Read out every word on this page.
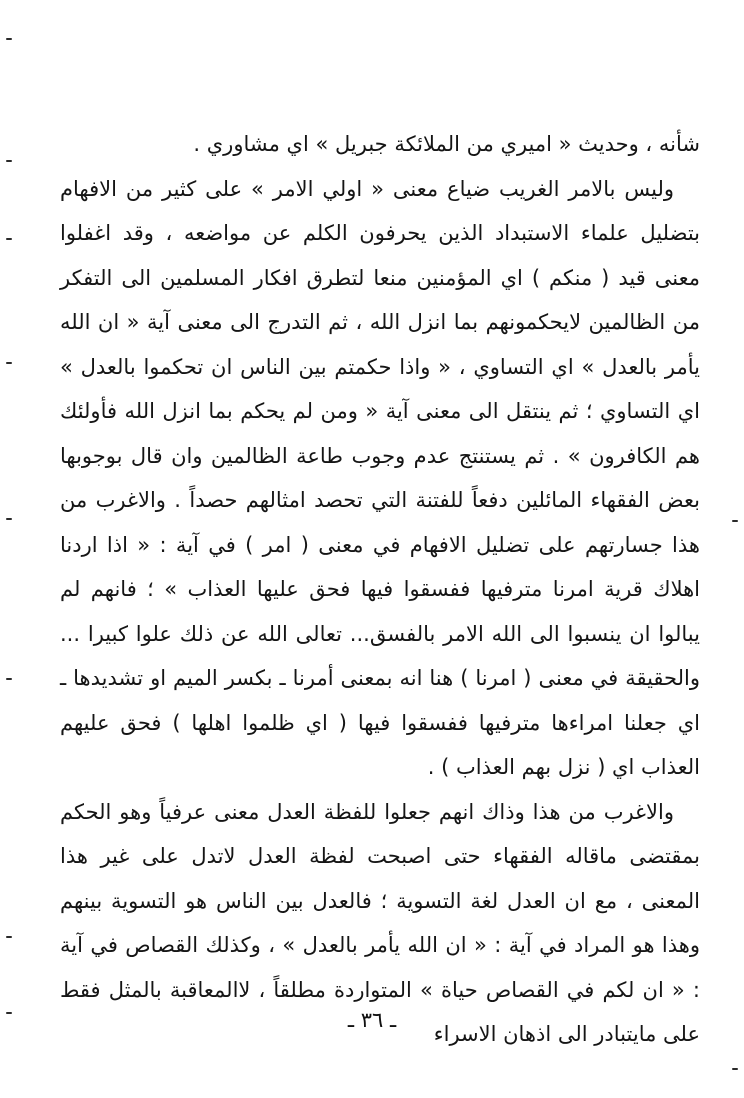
شأنه ، وحديث « اميري من الملائكة جبريل » اي مشاوري .

وليس بالامر الغريب ضياع معنى « اولي الامر » على كثير من الافهام بتضليل علماء الاستبداد الذين يحرفون الكلم عن مواضعه ، وقد اغفلوا معنى قيد ( منكم ) اي المؤمنين منعا لتطرق افكار المسلمين الى التفكر من الظالمين لايحكمونهم بما انزل الله ، ثم التدرج الى معنى آية « ان الله يأمر بالعدل » اي التساوي ، « واذا حكمتم بين الناس ان تحكموا بالعدل » اي التساوي ؛ ثم ينتقل الى معنى آية « ومن لم يحكم بما انزل الله فأولئك هم الكافرون » . ثم يستنتج عدم وجوب طاعة الظالمين وان قال بوجوبها بعض الفقهاء المائلين دفعاً للفتنة التي تحصد امثالهم حصداً . والاغرب من هذا جسارتهم على تضليل الافهام في معنى ( امر ) في آية : « اذا اردنا اهلاك قرية امرنا مترفيها ففسقوا فيها فحق عليها العذاب » ؛ فانهم لم يبالوا ان ينسبوا الى الله الامر بالفسق... تعالى الله عن ذلك علوا كبيرا ... والحقيقة في معنى ( امرنا ) هنا انه بمعنى أمرنا ـ بكسر الميم او تشديدها ـ اي جعلنا امراءها مترفيها ففسقوا فيها ( اي ظلموا اهلها ) فحق عليهم العذاب اي ( نزل بهم العذاب ) .

والاغرب من هذا وذاك انهم جعلوا للفظة العدل معنى عرفياً وهو الحكم بمقتضى ماقاله الفقهاء حتى اصبحت لفظة العدل لاتدل على غير هذا المعنى ، مع ان العدل لغة التسوية ؛ فالعدل بين الناس هو التسوية بينهم وهذا هو المراد في آية : « ان الله يأمر بالعدل » ، وكذلك القصاص في آية : « ان لكم في القصاص حياة » المتواردة مطلقاً ، لاالمعاقبة بالمثل فقط على مايتبادر الى اذهان الاسراء

ـ ٣٦ ـ
